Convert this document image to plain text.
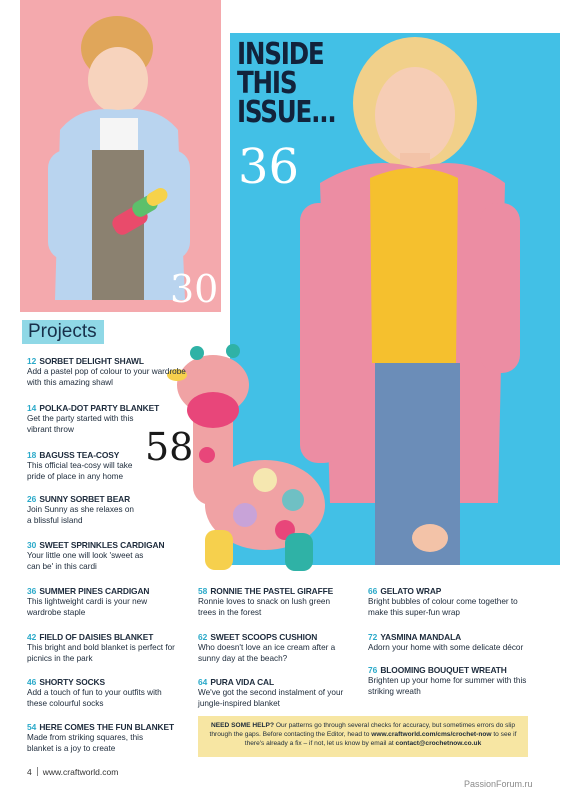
30
36
INSIDE
THIS
ISSUE...
58
Projects
12 SORBET DELIGHT SHAWL
Add a pastel pop of colour to your wardrobe with this amazing shawl
14 POLKA-DOT PARTY BLANKET
Get the party started with this vibrant throw
18 BAGUSS TEA-COSY
This official tea-cosy will take pride of place in any home
26 SUNNY SORBET BEAR
Join Sunny as she relaxes on a blissful island
30 SWEET SPRINKLES CARDIGAN
Your little one will look 'sweet as can be' in this cardi
36 SUMMER PINES CARDIGAN
This lightweight cardi is your new wardrobe staple
42 FIELD OF DAISIES BLANKET
This bright and bold blanket is perfect for picnics in the park
46 SHORTY SOCKS
Add a touch of fun to your outfits with these colourful socks
54 HERE COMES THE FUN BLANKET
Made from striking squares, this blanket is a joy to create
58 RONNIE THE PASTEL GIRAFFE
Ronnie loves to snack on lush green trees in the forest
62 SWEET SCOOPS CUSHION
Who doesn't love an ice cream after a sunny day at the beach?
64 PURA VIDA CAL
We've got the second instalment of your jungle-inspired blanket
66 GELATO WRAP
Bright bubbles of colour come together to make this super-fun wrap
72 YASMINA MANDALA
Adorn your home with some delicate décor
76 BLOOMING BOUQUET WREATH
Brighten up your home for summer with this striking wreath
NEED SOME HELP? Our patterns go through several checks for accuracy, but sometimes errors do slip through the gaps. Before contacting the Editor, head to www.craftworld.com/cms/crochet-now to see if there's already a fix – if not, let us know by email at contact@crochetnow.co.uk
4 www.craftworld.com
PassionForum.ru
